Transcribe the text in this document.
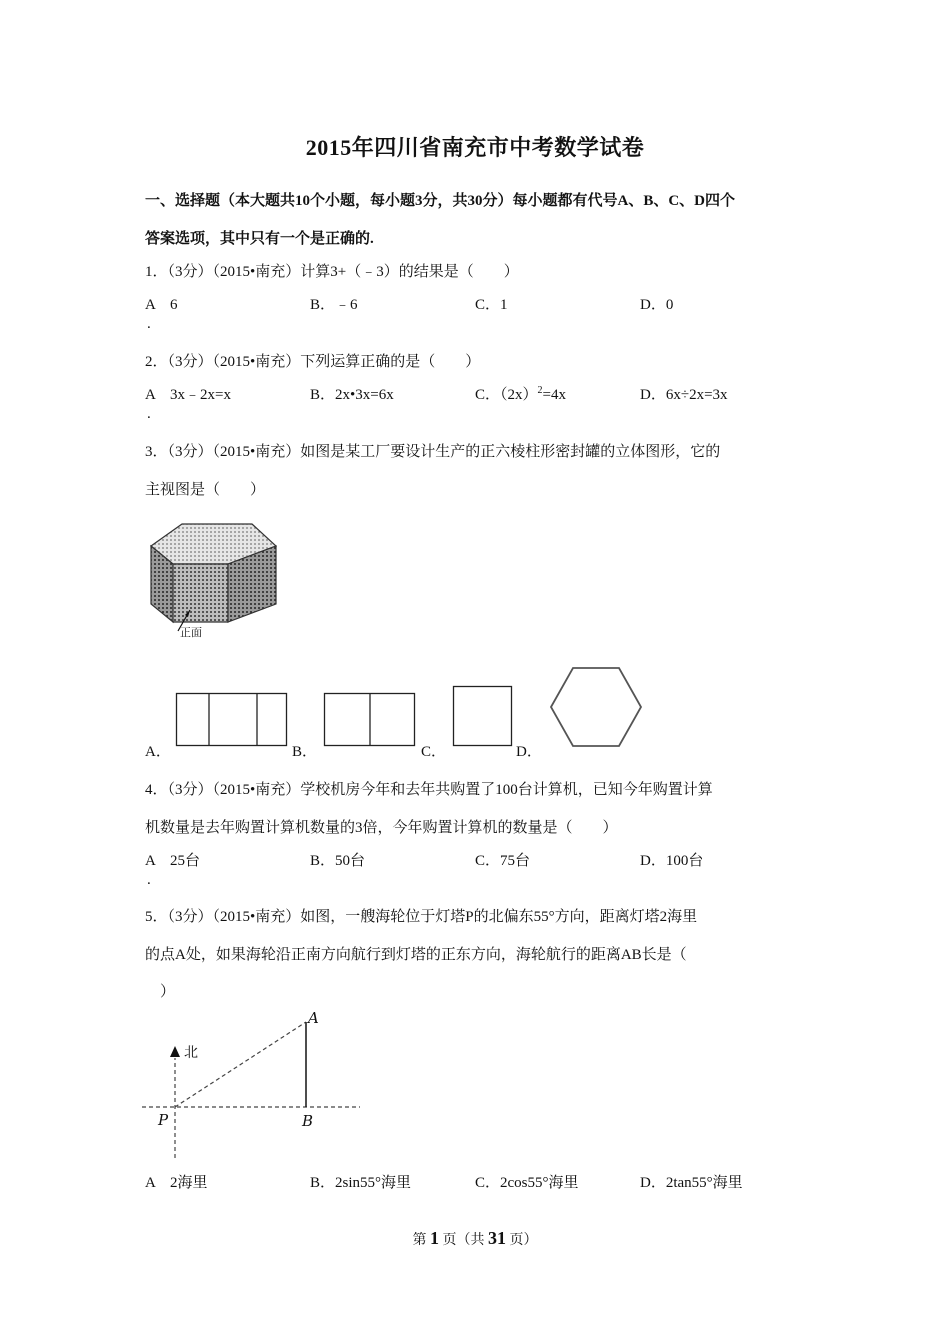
2015年四川省南充市中考数学试卷
一、选择题（本大题共10个小题，每小题3分，共30分）每小题都有代号A、B、C、D四个
答案选项，其中只有一个是正确的.
1．（3分）（2015•南充）计算3+（﹣3）的结果是（　　）
A　6	B．﹣6	C．1	D．0
.
2．（3分）（2015•南充）下列运算正确的是（　　）
A　3x﹣2x=x	B．2x•3x=6x	C．$(2x)^2=4x$	D．6x÷2x=3x
.
3．（3分）（2015•南充）如图是某工厂要设计生产的正六棱柱形密封罐的立体图形，它的
主视图是（　　）
正面
A．	B．	C．	D．
4．（3分）（2015•南充）学校机房今年和去年共购置了100台计算机，已知今年购置计算
机数量是去年购置计算机数量的3倍，今年购置计算机的数量是（　　）
A　25台	B．50台	C．75台	D．100台
.
5．（3分）（2015•南充）如图，一艘海轮位于灯塔P的北偏东55°方向，距离灯塔2海里
的点A处，如果海轮沿正南方向航行到灯塔的正东方向，海轮航行的距离AB长是（
　）
北
A
B
P
A　2海里	B．2sin55°海里	C．2cos55°海里	D．2tan55°海里
第 1 页（共 31 页）
